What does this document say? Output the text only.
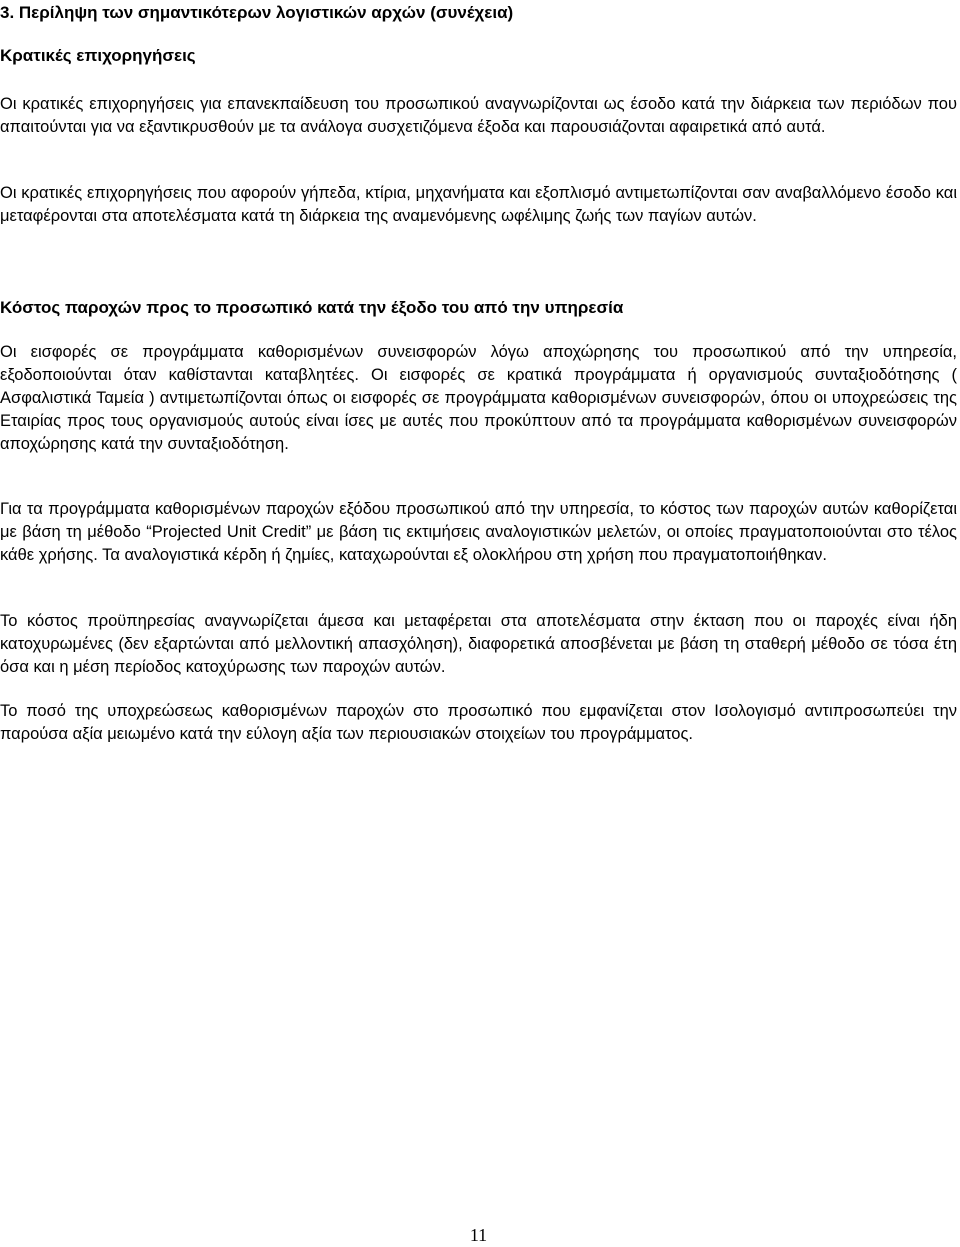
3. Περίληψη των σημαντικότερων λογιστικών αρχών (συνέχεια)
Κρατικές επιχορηγήσεις

Οι κρατικές επιχορηγήσεις για επανεκπαίδευση του προσωπικού αναγνωρίζονται ως έσοδο κατά την διάρκεια των περιόδων που απαιτούνται για να εξαντικρυσθούν με τα ανάλογα συσχετιζόμενα έξοδα και παρουσιάζονται αφαιρετικά από αυτά.

Οι κρατικές επιχορηγήσεις που αφορούν γήπεδα, κτίρια, μηχανήματα και εξοπλισμό αντιμετωπίζονται σαν αναβαλλόμενο έσοδο και μεταφέρονται στα αποτελέσματα κατά τη διάρκεια της αναμενόμενης ωφέλιμης ζωής των παγίων αυτών.

Κόστος παροχών προς το προσωπικό κατά την έξοδο του από την υπηρεσία

Οι εισφορές σε προγράμματα καθορισμένων συνεισφορών λόγω αποχώρησης του προσωπικού από την υπηρεσία, εξοδοποιούνται όταν καθίστανται καταβλητέες. Οι εισφορές σε κρατικά προγράμματα ή οργανισμούς συνταξιοδότησης ( Ασφαλιστικά Ταμεία ) αντιμετωπίζονται όπως οι εισφορές σε προγράμματα καθορισμένων συνεισφορών, όπου οι υποχρεώσεις της Εταιρίας προς τους οργανισμούς αυτούς είναι ίσες με αυτές που προκύπτουν από τα προγράμματα καθορισμένων συνεισφορών αποχώρησης κατά την συνταξιοδότηση.

Για τα προγράμματα καθορισμένων παροχών εξόδου προσωπικού από την υπηρεσία, το κόστος των παροχών αυτών καθορίζεται με βάση τη μέθοδο “Projected Unit Credit” με βάση τις εκτιμήσεις αναλογιστικών μελετών, οι οποίες πραγματοποιούνται στο τέλος κάθε χρήσης. Τα αναλογιστικά κέρδη ή ζημίες, καταχωρούνται εξ ολοκλήρου στη χρήση που πραγματοποιήθηκαν.

Το κόστος προϋπηρεσίας αναγνωρίζεται άμεσα και μεταφέρεται στα αποτελέσματα στην έκταση που οι παροχές είναι ήδη κατοχυρωμένες (δεν εξαρτώνται από μελλοντική απασχόληση), διαφορετικά αποσβένεται με βάση τη σταθερή μέθοδο σε τόσα έτη όσα και η μέση περίοδος κατοχύρωσης των παροχών αυτών.

Το ποσό της υποχρεώσεως καθορισμένων παροχών στο προσωπικό που εμφανίζεται στον Ισολογισμό αντιπροσωπεύει την παρούσα αξία μειωμένο κατά την εύλογη αξία των περιουσιακών στοιχείων του προγράμματος.

11
